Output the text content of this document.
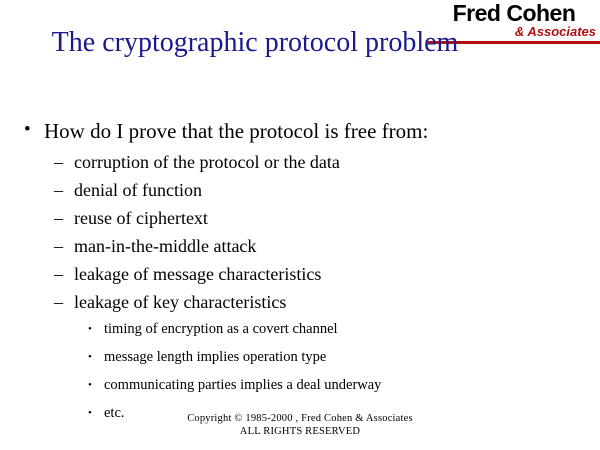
Fred Cohen
& Associates
The cryptographic protocol problem
• How do I prove that the protocol is free from:
– corruption of the protocol or the data
– denial of function
– reuse of ciphertext
– man-in-the-middle attack
– leakage of message characteristics
– leakage of key characteristics
• timing of encryption as a covert channel
• message length implies operation type
• communicating parties implies a deal underway
• etc.	Copyright © 1985-2000 , Fred Cohen & Associates
ALL RIGHTS RESERVED
